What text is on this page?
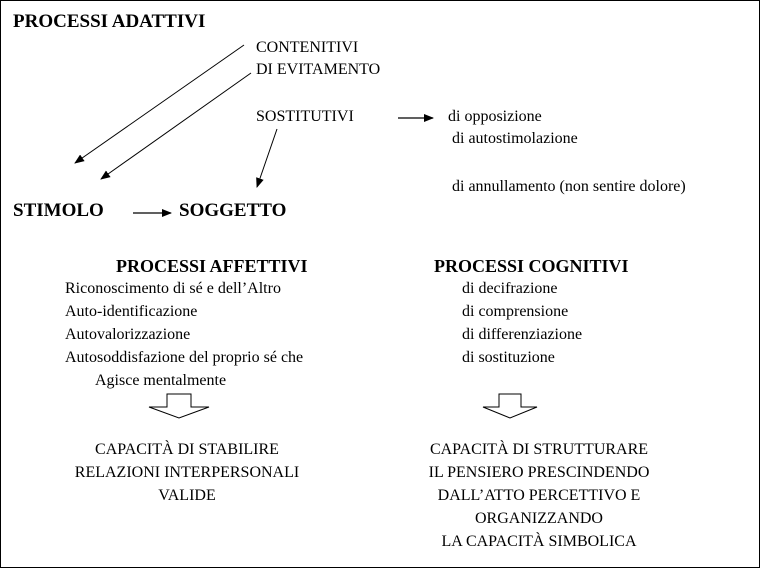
PROCESSI ADATTIVI
CONTENITIVI
DI EVITAMENTO
SOSTITUTIVI	di opposizione
di autostimolazione
di annullamento (non sentire dolore)
STIMOLO	SOGGETTO
PROCESSI AFFETTIVI	PROCESSI COGNITIVI
Riconoscimento di sé e dell’Altro
Auto-identificazione
Autovalorizzazione
Autosoddisfazione del proprio sé che
Agisce mentalmente
di decifrazione
di comprensione
di differenziazione
di sostituzione
CAPACITÀ DI STABILIRE
RELAZIONI INTERPERSONALI
VALIDE
CAPACITÀ DI STRUTTURARE
IL PENSIERO PRESCINDENDO
DALL’ATTO PERCETTIVO E
ORGANIZZANDO
LA CAPACITÀ SIMBOLICA
